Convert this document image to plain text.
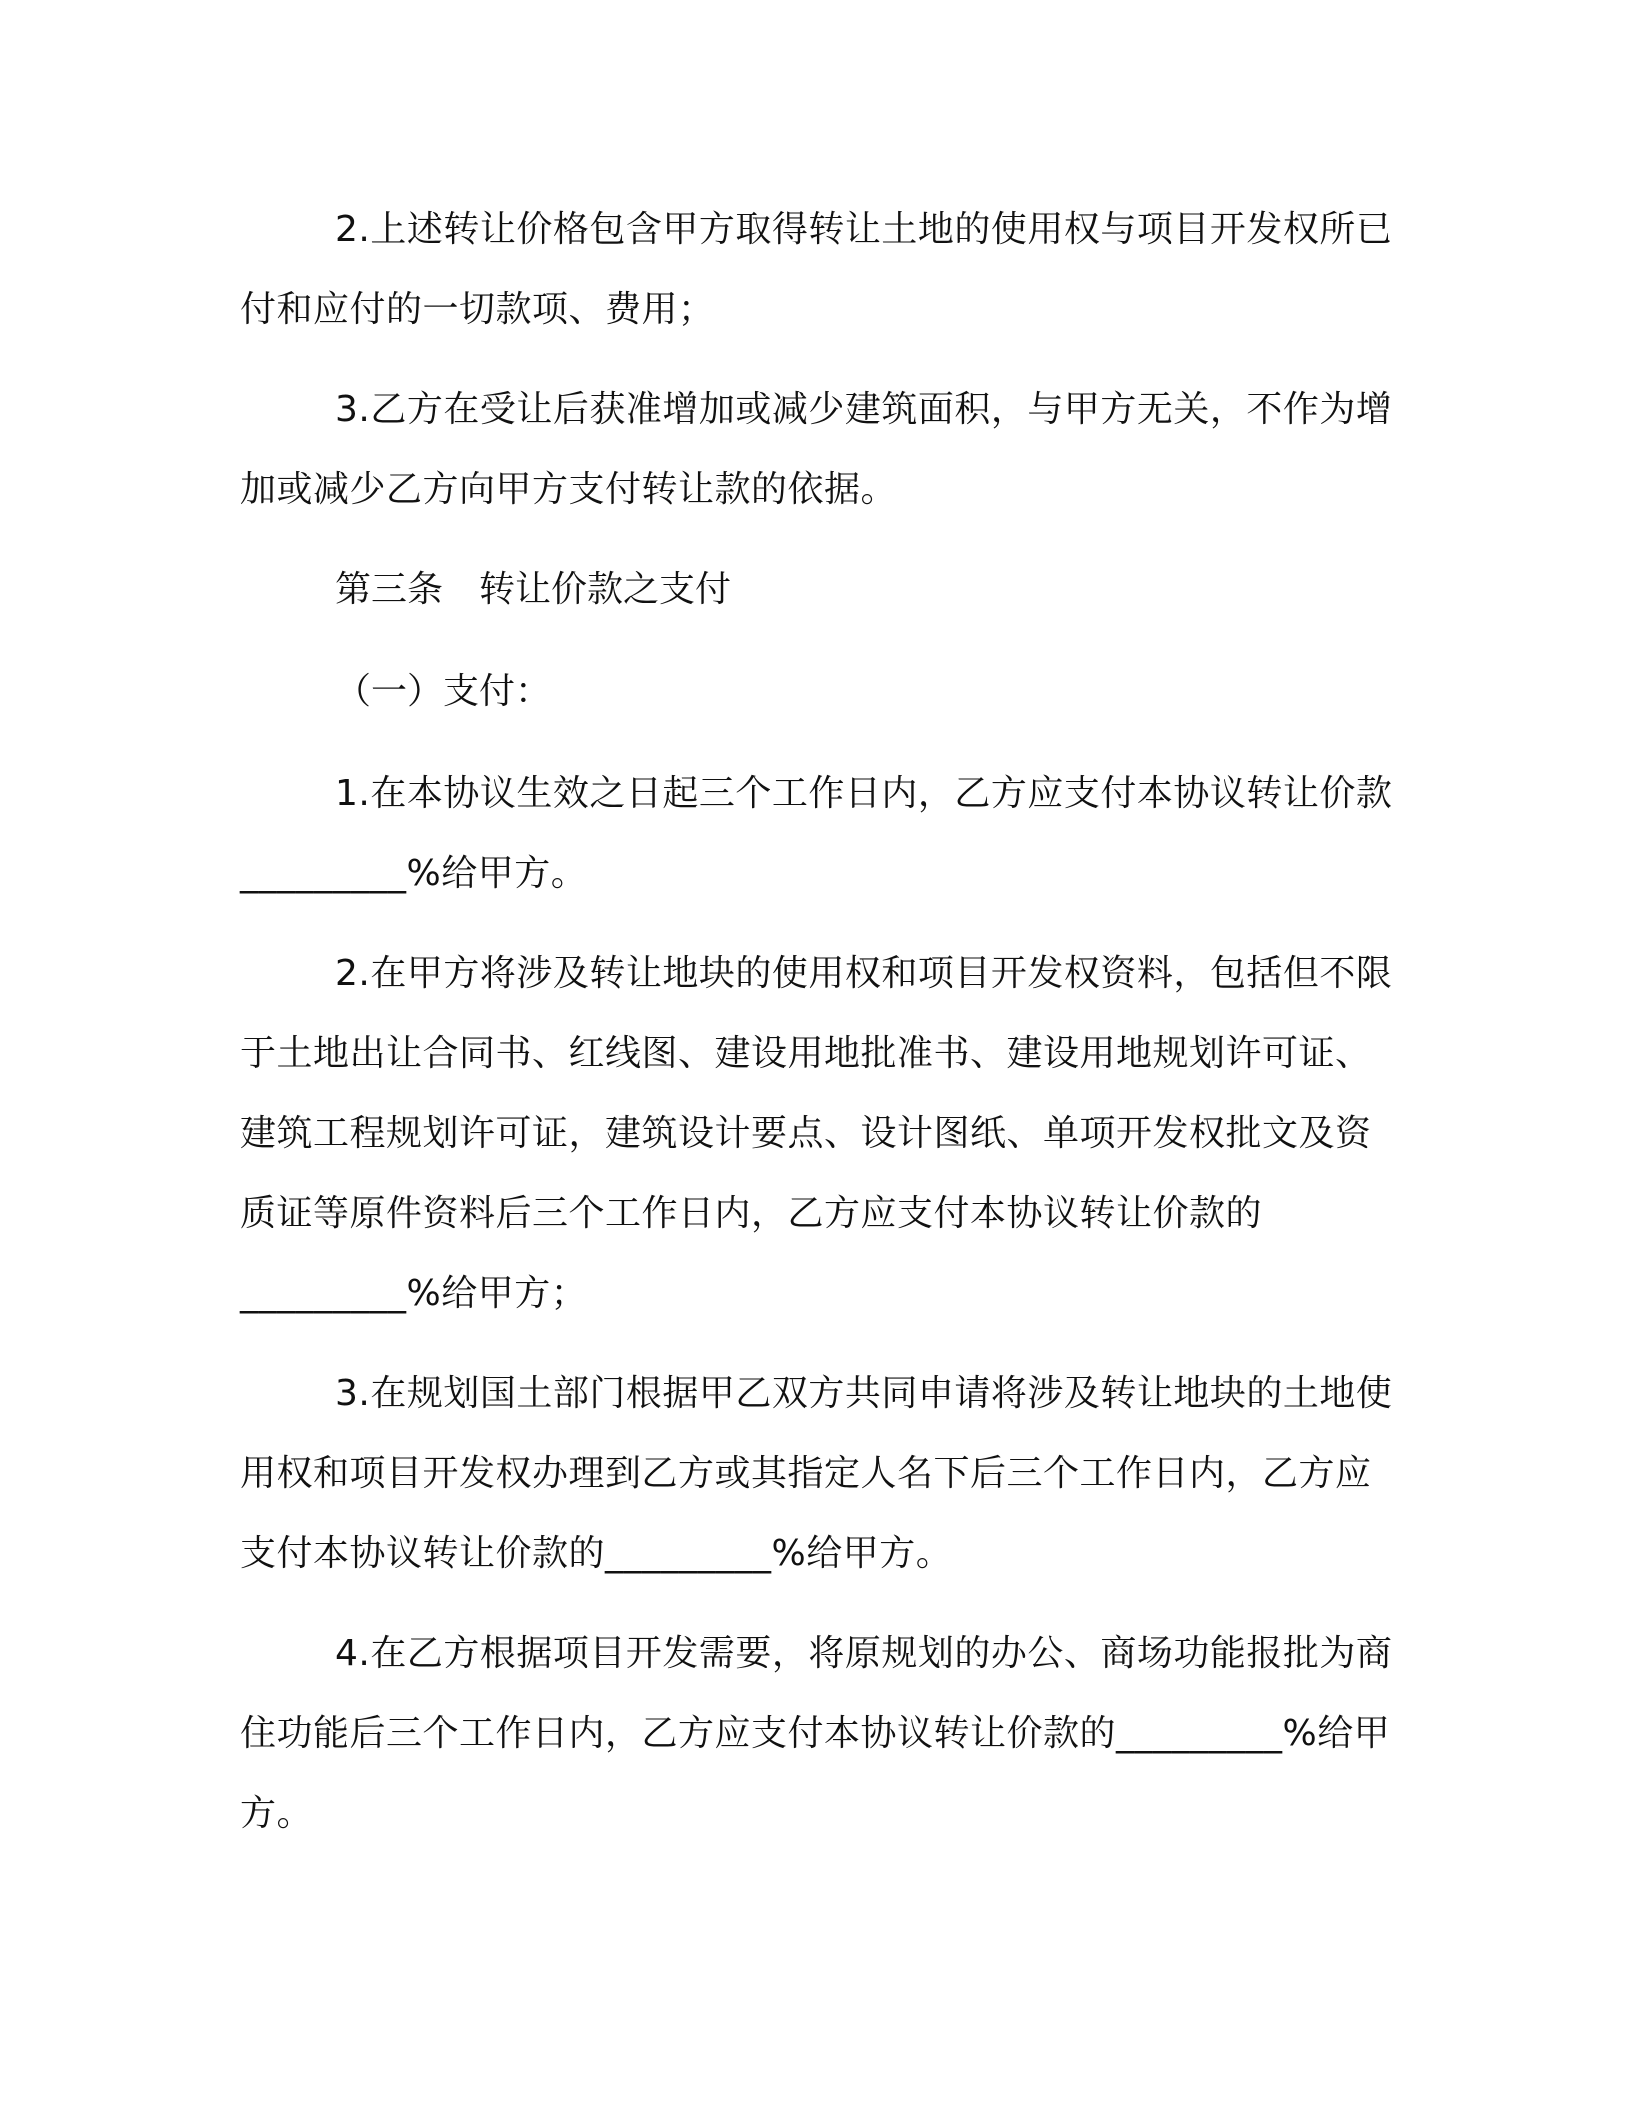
2.上述转让价格包含甲方取得转让土地的使用权与项目开发权所已付和应付的一切款项、费用；

3.乙方在受让后获准增加或减少建筑面积，与甲方无关，不作为增加或减少乙方向甲方支付转让款的依据。

第三条　转让价款之支付

（一）支付：

1.在本协议生效之日起三个工作日内，乙方应支付本协议转让价款_________%给甲方。

2.在甲方将涉及转让地块的使用权和项目开发权资料，包括但不限于土地出让合同书、红线图、建设用地批准书、建设用地规划许可证、建筑工程规划许可证，建筑设计要点、设计图纸、单项开发权批文及资质证等原件资料后三个工作日内，乙方应支付本协议转让价款的_________%给甲方；

3.在规划国土部门根据甲乙双方共同申请将涉及转让地块的土地使用权和项目开发权办理到乙方或其指定人名下后三个工作日内，乙方应支付本协议转让价款的_________%给甲方。

4.在乙方根据项目开发需要，将原规划的办公、商场功能报批为商住功能后三个工作日内，乙方应支付本协议转让价款的_________%给甲方。
